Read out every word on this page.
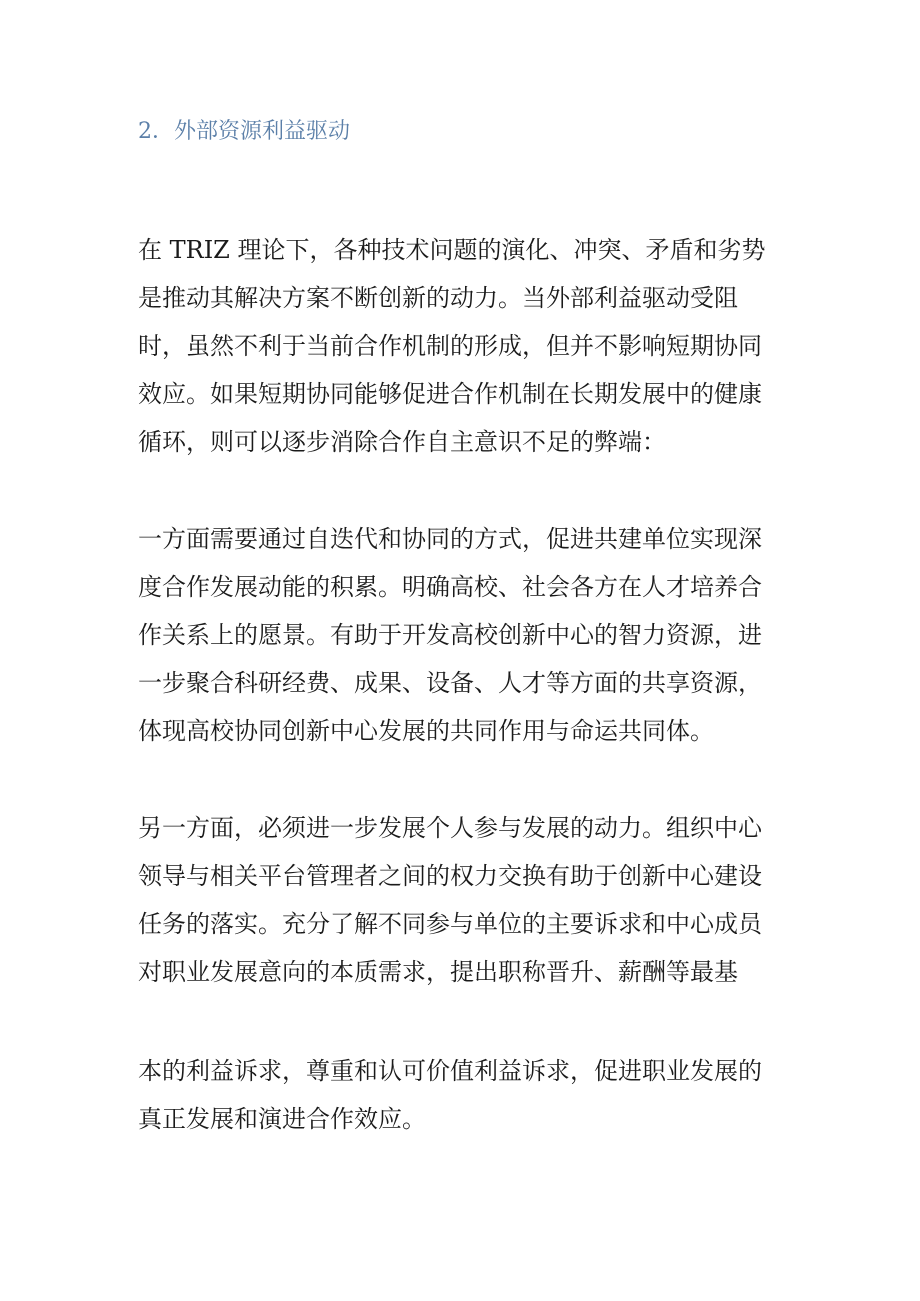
2．外部资源利益驱动

在 TRIZ 理论下，各种技术问题的演化、冲突、矛盾和劣势
是推动其解决方案不断创新的动力。当外部利益驱动受阻
时，虽然不利于当前合作机制的形成，但并不影响短期协同
效应。如果短期协同能够促进合作机制在长期发展中的健康
循环，则可以逐步消除合作自主意识不足的弊端：

一方面需要通过自迭代和协同的方式，促进共建单位实现深
度合作发展动能的积累。明确高校、社会各方在人才培养合
作关系上的愿景。有助于开发高校创新中心的智力资源，进
一步聚合科研经费、成果、设备、人才等方面的共享资源，
体现高校协同创新中心发展的共同作用与命运共同体。

另一方面，必须进一步发展个人参与发展的动力。组织中心
领导与相关平台管理者之间的权力交换有助于创新中心建设
任务的落实。充分了解不同参与单位的主要诉求和中心成员
对职业发展意向的本质需求，提出职称晋升、薪酬等最基

本的利益诉求，尊重和认可价值利益诉求，促进职业发展的
真正发展和演进合作效应。
